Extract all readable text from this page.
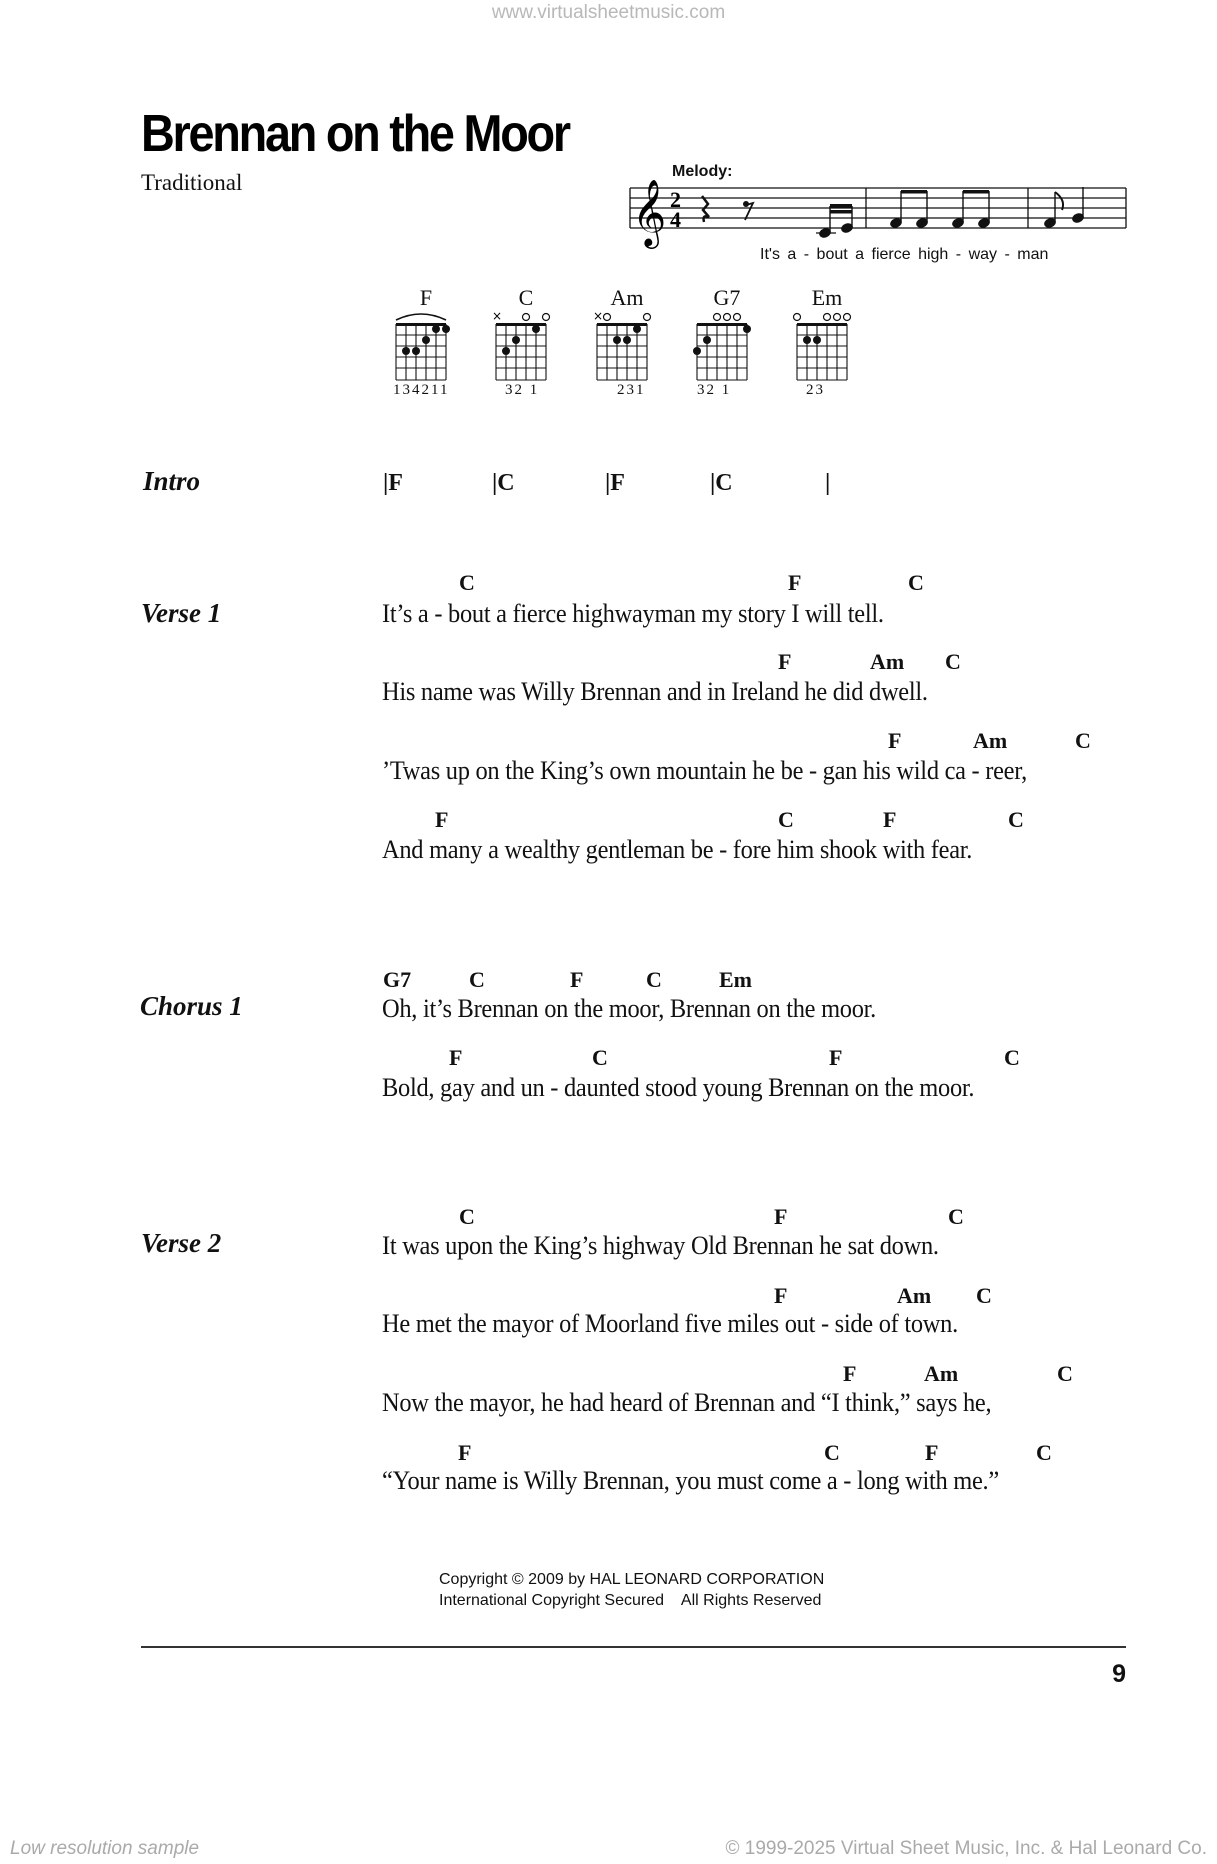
www.virtualsheetmusic.com
Brennan on the Moor
Traditional	Melody:
𝄞 2
4
It's a - bout a fierce high - way - man
F	C	Am	G7	Em
×	×
134211	32 1	231	32 1	23
Intro	|F	|C	|F	|C	|
Verse 1
C	F	C
It’s a - bout a fierce highwayman my story I will tell.
F	Am C
His name was Willy Brennan and in Ireland he did dwell.
F	Am	C
’Twas up on the King’s own mountain he be - gan his wild ca - reer,
F	C	F	C
And many a wealthy gentleman be - fore him shook with fear.
Chorus 1
G7	C	F	C	Em
Oh, it’s Brennan on the moor, Brennan on the moor.
F	C	F	C
Bold, gay and un - daunted stood young Brennan on the moor.
Verse 2
C	F	C
It was upon the King’s highway Old Brennan he sat down.
F	Am C
He met the mayor of Moorland five miles out - side of town.
F	Am	C
Now the mayor, he had heard of Brennan and “I think,” says he,
F	C	F	C
“Your name is Willy Brennan, you must come a - long with me.”
Copyright © 2009 by HAL LEONARD CORPORATION
International Copyright Secured    All Rights Reserved
9
Low resolution sample	© 1999-2025 Virtual Sheet Music, Inc. & Hal Leonard Co.
